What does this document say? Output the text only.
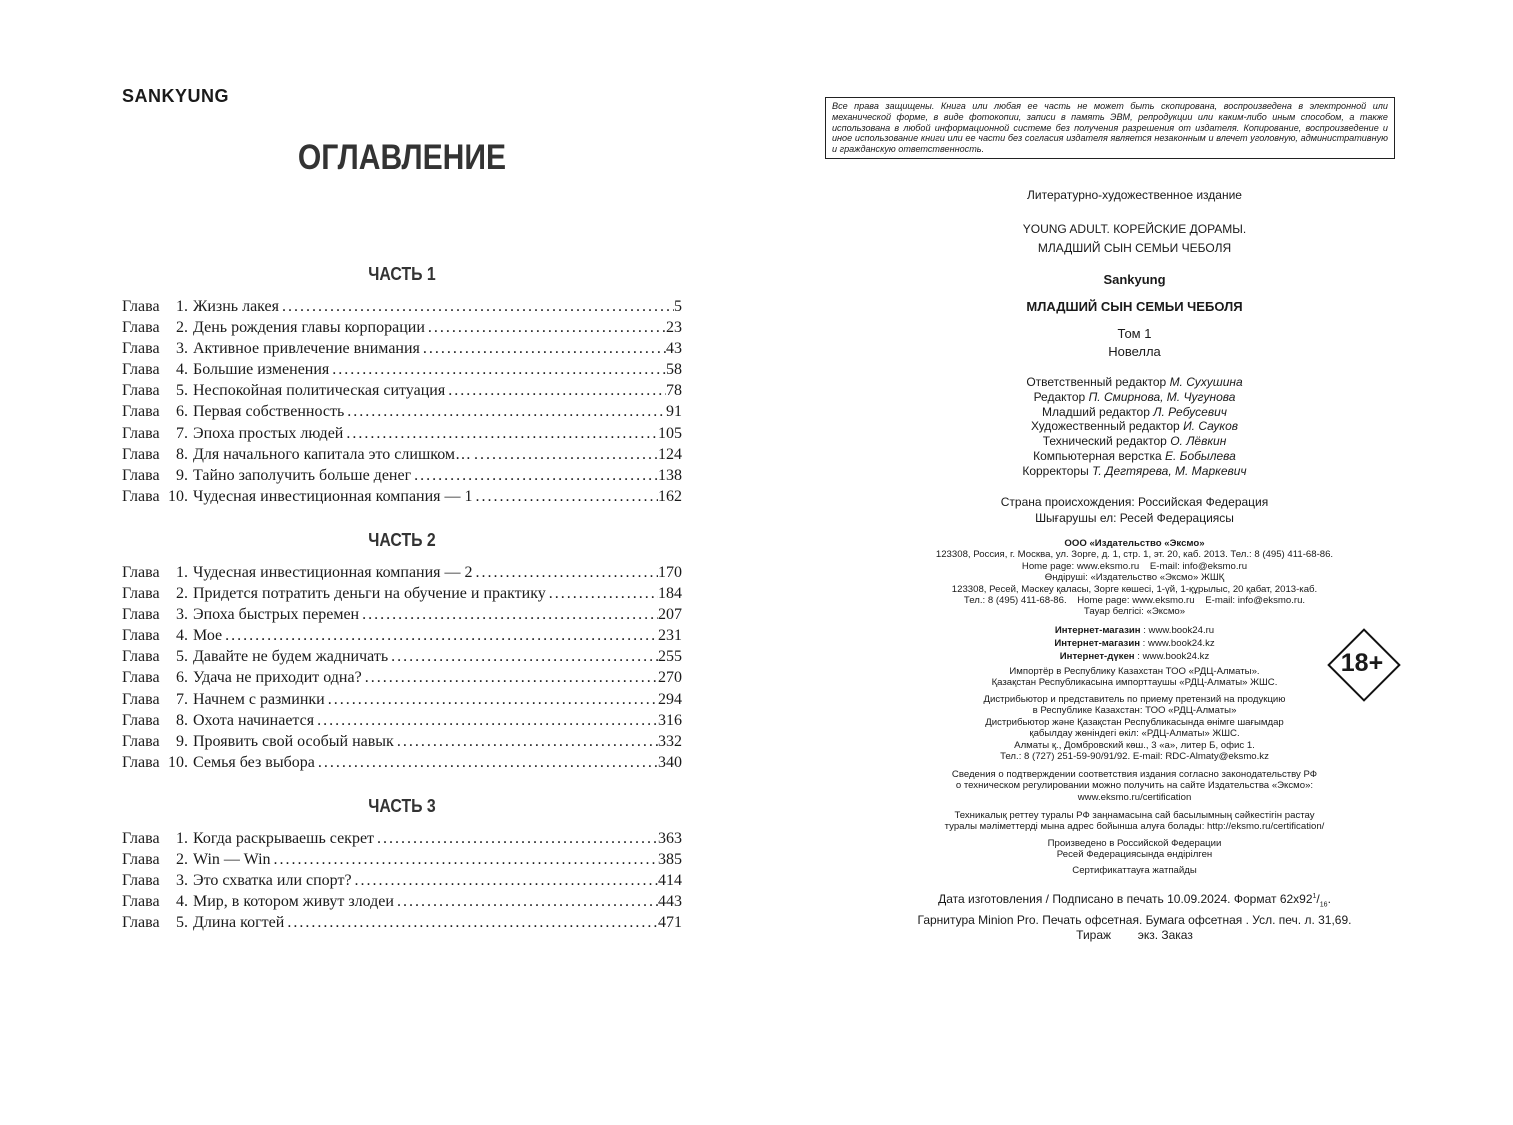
SANKYUNG
ОГЛАВЛЕНИЕ
ЧАСТЬ 1
Глава	1. Жизнь лакея .....	5
Глава	2. День рождения главы корпорации .....	23
Глава	3. Активное привлечение внимания .....	43
Глава	4. Большие изменения .....	58
Глава	5. Неспокойная политическая ситуация .....	78
Глава	6. Первая собственность .....	91
Глава	7. Эпоха простых людей .....	105
Глава	8. Для начального капитала это слишком… .....	124
Глава	9. Тайно заполучить больше денег .....	138
Глава 10. Чудесная инвестиционная компания — 1 .....	162
ЧАСТЬ 2
Глава	1. Чудесная инвестиционная компания — 2 .....	170
Глава	2. Придется потратить деньги на обучение и практику .....	184
Глава	3. Эпоха быстрых перемен .....	207
Глава	4. Мое .....	231
Глава	5. Давайте не будем жадничать .....	255
Глава	6. Удача не приходит одна? .....	270
Глава	7. Начнем с разминки .....	294
Глава	8. Охота начинается .....	316
Глава	9. Проявить свой особый навык .....	332
Глава 10. Семья без выбора .....	340
ЧАСТЬ 3
Глава	1. Когда раскрываешь секрет .....	363
Глава	2. Win — Win .....	385
Глава	3. Это схватка или спорт? .....	414
Глава	4. Мир, в котором живут злодеи .....	443
Глава	5. Длина когтей .....	471
Все права защищены. Книга или любая ее часть не может быть скопирована, воспроизведена в электронной или механической форме, в виде фотокопии, записи в память ЭВМ, репродукции или каким-либо иным способом, а также использована в любой информационной системе без получения разрешения от издателя. Копирование, воспроизведение и иное использование книги или ее части без согласия издателя является незаконным и влечет уголовную, административную и гражданскую ответственность.
Литературно-художественное издание
YOUNG ADULT. КОРЕЙСКИЕ ДОРАМЫ.
МЛАДШИЙ СЫН СЕМЬИ ЧЕБОЛЯ
Sankyung
МЛАДШИЙ СЫН СЕМЬИ ЧЕБОЛЯ
Том 1
Новелла
Ответственный редактор М. Сухушина
Редактор П. Смирнова, М. Чугунова
Младший редактор Л. Ребусевич
Художественный редактор И. Сауков
Технический редактор О. Лёвкин
Компьютерная верстка Е. Бобылева
Корректоры Т. Дегтярева, М. Маркевич
Страна происхождения: Российская Федерация
Шығарушы ел: Ресей Федерациясы
ООО «Издательство «Эксмо»
123308, Россия, г. Москва, ул. Зорге, д. 1, стр. 1, эт. 20, каб. 2013. Тел.: 8 (495) 411-68-86.
Home page: www.eksmo.ru    E-mail: info@eksmo.ru
Өндіруші: «Издательство «Эксмо» ЖШҚ
123308, Ресей, Мәскеу қаласы, Зорге көшесі, 1-үй, 1-құрылыс, 20 қабат, 2013-каб.
Тел.: 8 (495) 411-68-86.    Home page: www.eksmo.ru    E-mail: info@eksmo.ru.
Тауар белгісі: «Эксмо»
Интернет-магазин : www.book24.ru
Интернет-магазин : www.book24.kz
Интернет-дүкен : www.book24.kz	18+
Импортёр в Республику Казахстан ТОО «РДЦ-Алматы».
Қазақстан Республикасына импорттаушы «РДЦ-Алматы» ЖШС.
Дистрибьютор и представитель по приему претензий на продукцию
в Республике Казахстан: ТОО «РДЦ-Алматы»
Дистрибьютор және Қазақстан Республикасында өнімге шағымдар
қабылдау жөніндегі өкіл: «РДЦ-Алматы» ЖШС.
Алматы қ., Домбровский көш., 3 «а», литер Б, офис 1.
Тел.: 8 (727) 251-59-90/91/92. E-mail: RDC-Almaty@eksmo.kz
Сведения о подтверждении соответствия издания согласно законодательству РФ
о техническом регулировании можно получить на сайте Издательства «Эксмо»:
www.eksmo.ru/certification
Техникалық реттеу туралы РФ заңнамасына сай басылымның сәйкестігін растау
туралы мәліметтерді мына адрес бойынша алуға болады: http://eksmo.ru/certification/
Произведено в Российской Федерации
Ресей Федерациясында өндірілген
Сертификаттауға жатпайды
Дата изготовления / Подписано в печать 10.09.2024. Формат $62x92^1/_{16}$.
Гарнитура Minion Pro. Печать офсетная. Бумага офсетная . Усл. печ. л. 31,69.
Тираж        экз. Заказ
